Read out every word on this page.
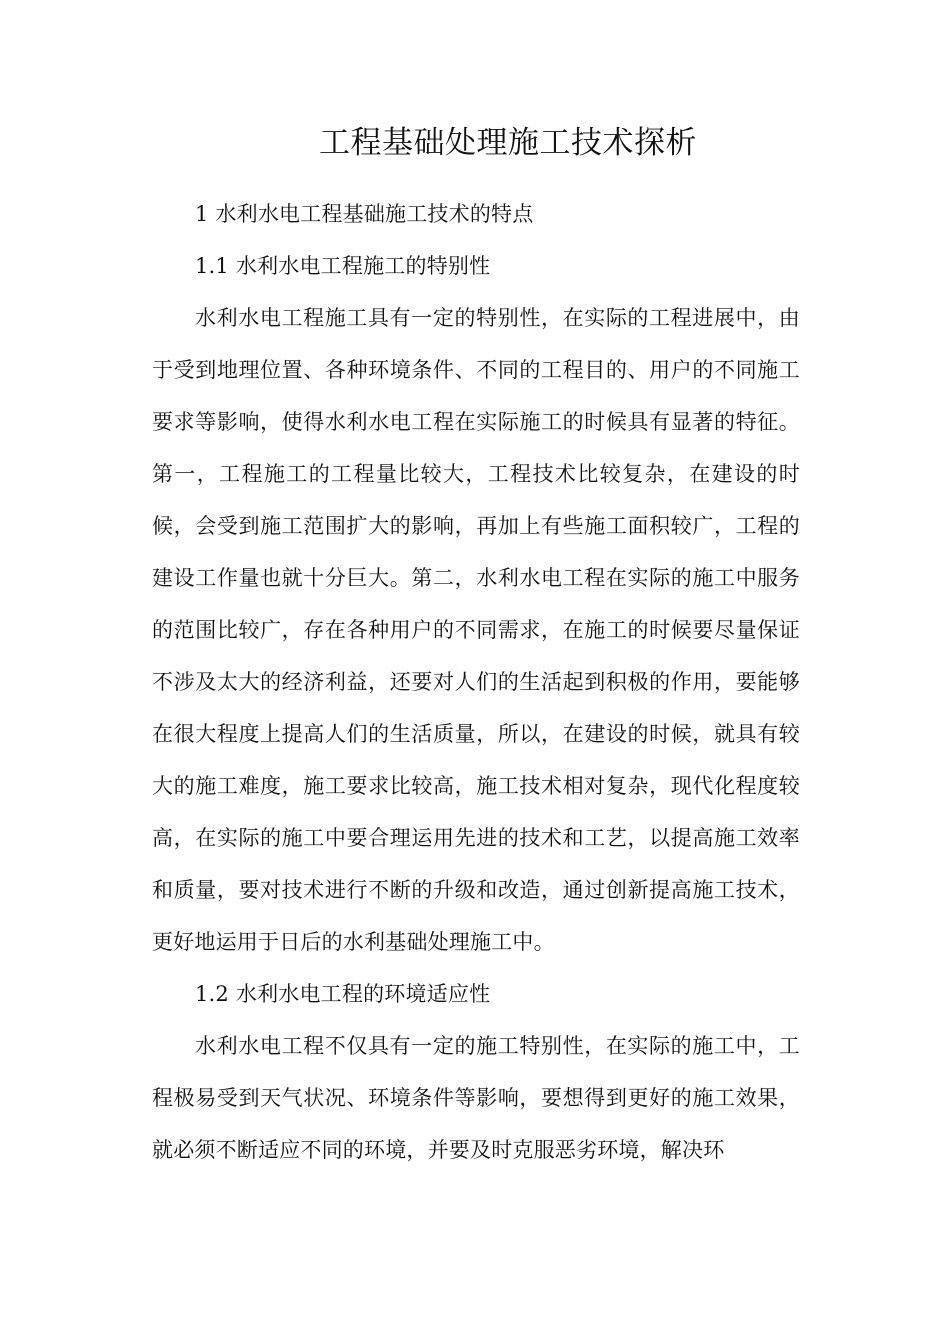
工程基础处理施工技术探析

1 水利水电工程基础施工技术的特点

1.1 水利水电工程施工的特别性

水利水电工程施工具有一定的特别性，在实际的工程进展中，由于受到地理位置、各种环境条件、不同的工程目的、用户的不同施工要求等影响，使得水利水电工程在实际施工的时候具有显著的特征。第一，工程施工的工程量比较大，工程技术比较复杂，在建设的时候，会受到施工范围扩大的影响，再加上有些施工面积较广，工程的建设工作量也就十分巨大。第二，水利水电工程在实际的施工中服务的范围比较广，存在各种用户的不同需求，在施工的时候要尽量保证不涉及太大的经济利益，还要对人们的生活起到积极的作用，要能够在很大程度上提高人们的生活质量，所以，在建设的时候，就具有较大的施工难度，施工要求比较高，施工技术相对复杂，现代化程度较高，在实际的施工中要合理运用先进的技术和工艺，以提高施工效率和质量，要对技术进行不断的升级和改造，通过创新提高施工技术，更好地运用于日后的水利基础处理施工中。

1.2 水利水电工程的环境适应性

水利水电工程不仅具有一定的施工特别性，在实际的施工中，工程极易受到天气状况、环境条件等影响，要想得到更好的施工效果，就必须不断适应不同的环境，并要及时克服恶劣环境，解决环
